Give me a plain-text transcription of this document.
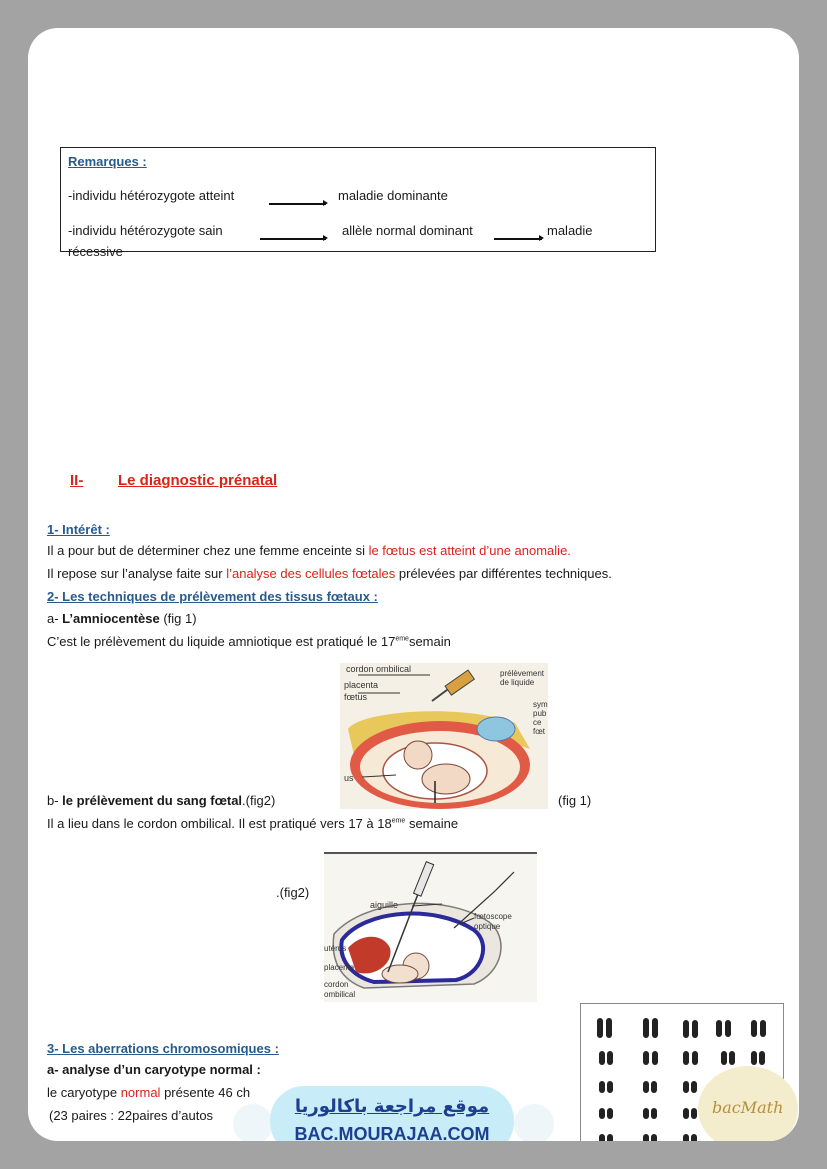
Remarques :
-individu hétérozygote atteint	maladie dominante
-individu hétérozygote sain	allèle normal dominant	maladie
récessive
II- Le diagnostic prénatal
1- Intérêt :
Il a pour but de déterminer chez une femme enceinte si le fœtus est atteint d’une anomalie.
Il repose sur l’analyse faite sur l’analyse des cellules fœtales prélevées par différentes techniques.
2- Les techniques de prélèvement des tissus fœtaux :
a- L’amniocentèse (fig 1)
C’est le prélèvement du liquide amniotique est pratiqué le 17emesemain
cordon ombilical
placenta
fœtus
prélèvement
de liquide
sym
pub
ce
fœt
us
b- le prélèvement du sang fœtal.(fig2)	(fig 1)
Il a lieu dans le cordon ombilical. Il est pratiqué vers 17 à 18eme semaine
.(fig2)
aiguille
fœtoscope
optique
utérus
placenta
cordon
ombilical
3- Les aberrations chromosomiques :
a- analyse d’un caryotype normal :
le caryotype normal présente 46 ch
(23 paires : 22paires d’autos	موقع مراجعة باكالوريا
BAC.MOURAJAA.COM
bacMath
